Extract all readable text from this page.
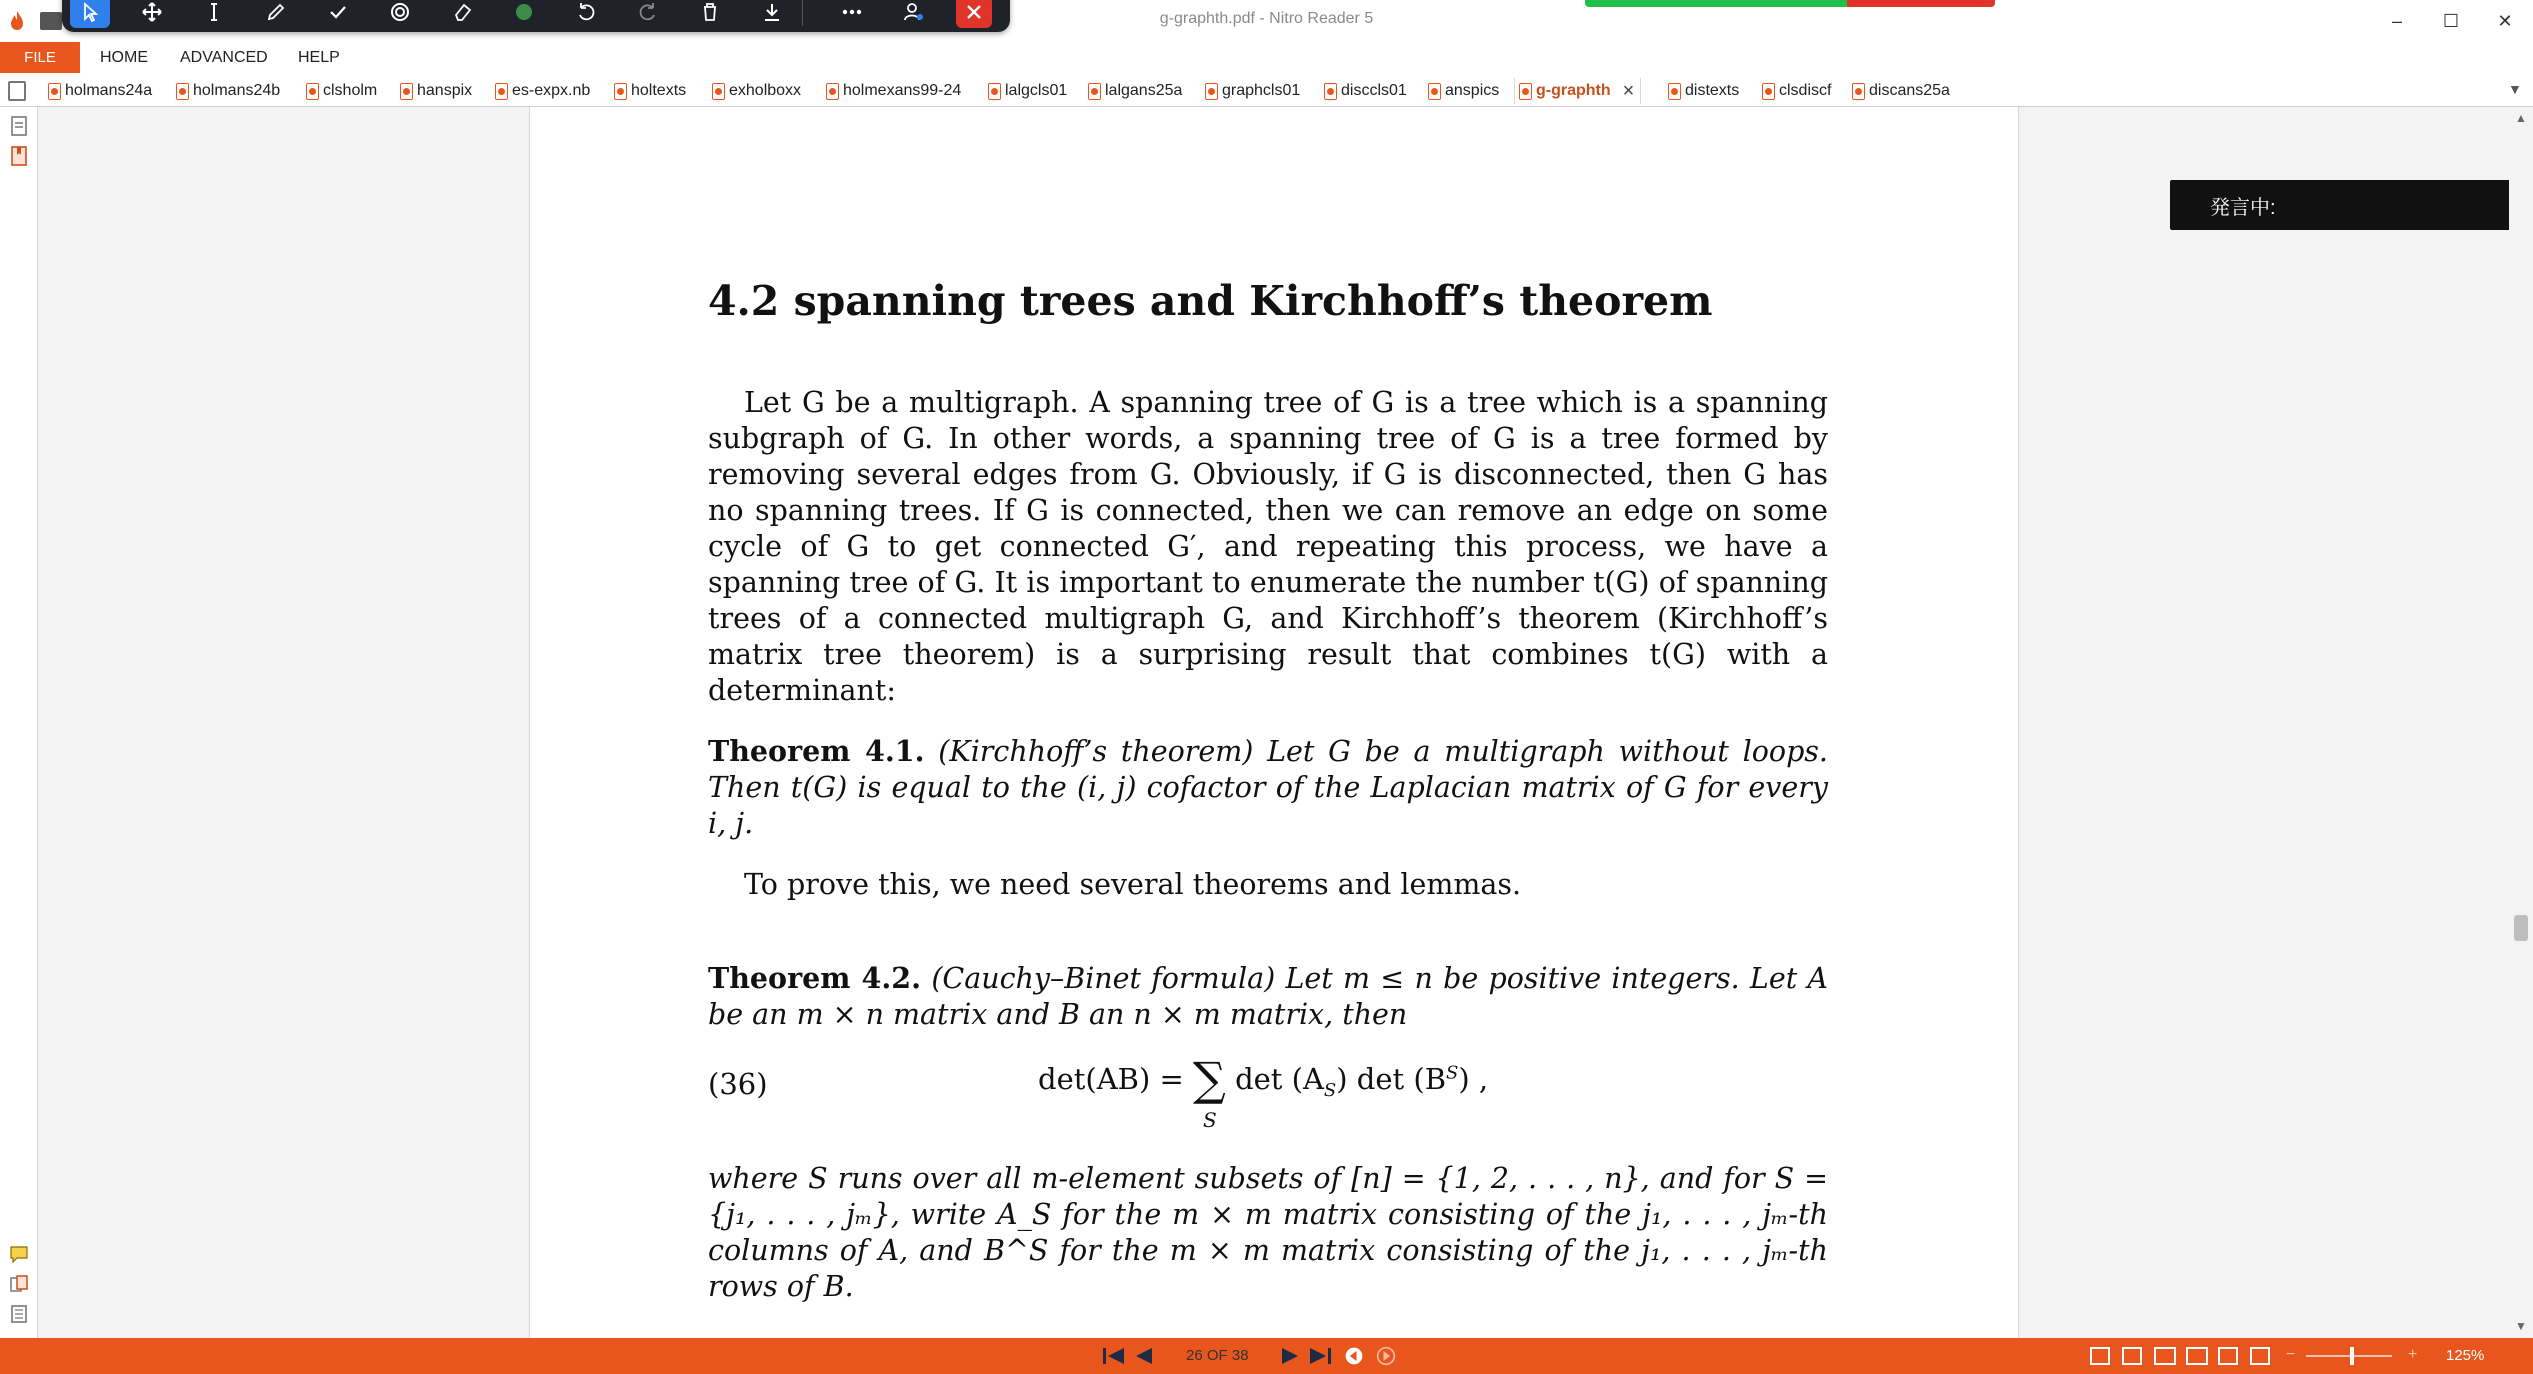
g-graphth.pdf - Nitro Reader 5	–	☐	✕
FILE	HOME ADVANCED HELP
holmans24a	holmans24b	clsholm hanspix es-expx.nb	holtexts	exholboxx	holmexans99-24	lalgcls01 lalgans25a graphcls01	disccls01 anspics g-graphth ×	distexts clsdiscf discans25a	▼
4.2 spanning trees and Kirchhoff’s theorem
Let G be a multigraph. A spanning tree of G is a tree which is a spanning subgraph of G. In other words, a spanning tree of G is a tree formed by removing several edges from G. Obviously, if G is disconnected, then G has no spanning trees. If G is connected, then we can remove an edge on some cycle of G to get connected G′, and repeating this process, we have a spanning tree of G. It is important to enumerate the number t(G) of spanning trees of a connected multigraph G, and Kirchhoff’s theorem (Kirchhoff’s matrix tree theorem) is a surprising result that combines t(G) with a determinant:
Theorem 4.1. (Kirchhoff’s theorem) Let G be a multigraph without loops. Then t(G) is equal to the (i, j) cofactor of the Laplacian matrix of G for every i, j.
To prove this, we need several theorems and lemmas.
Theorem 4.2. (Cauchy–Binet formula) Let m ≤ n be positive integers. Let A be an m × n matrix and B an n × m matrix, then
(36)	det(AB) = ∑
S
$\det (A_S)$ $\det (B^S)$ ,
where S runs over all m-element subsets of [n] = {1, 2, . . . , n}, and for S = {j₁, . . . , jₘ}, write A_S for the m × m matrix consisting of the j₁, . . . , jₘ-th columns of A, and B^S for the m × m matrix consisting of the j₁, . . . , jₘ-th rows of B.
発言中:
▲
▼
26 OF 38	−	+ 125%
